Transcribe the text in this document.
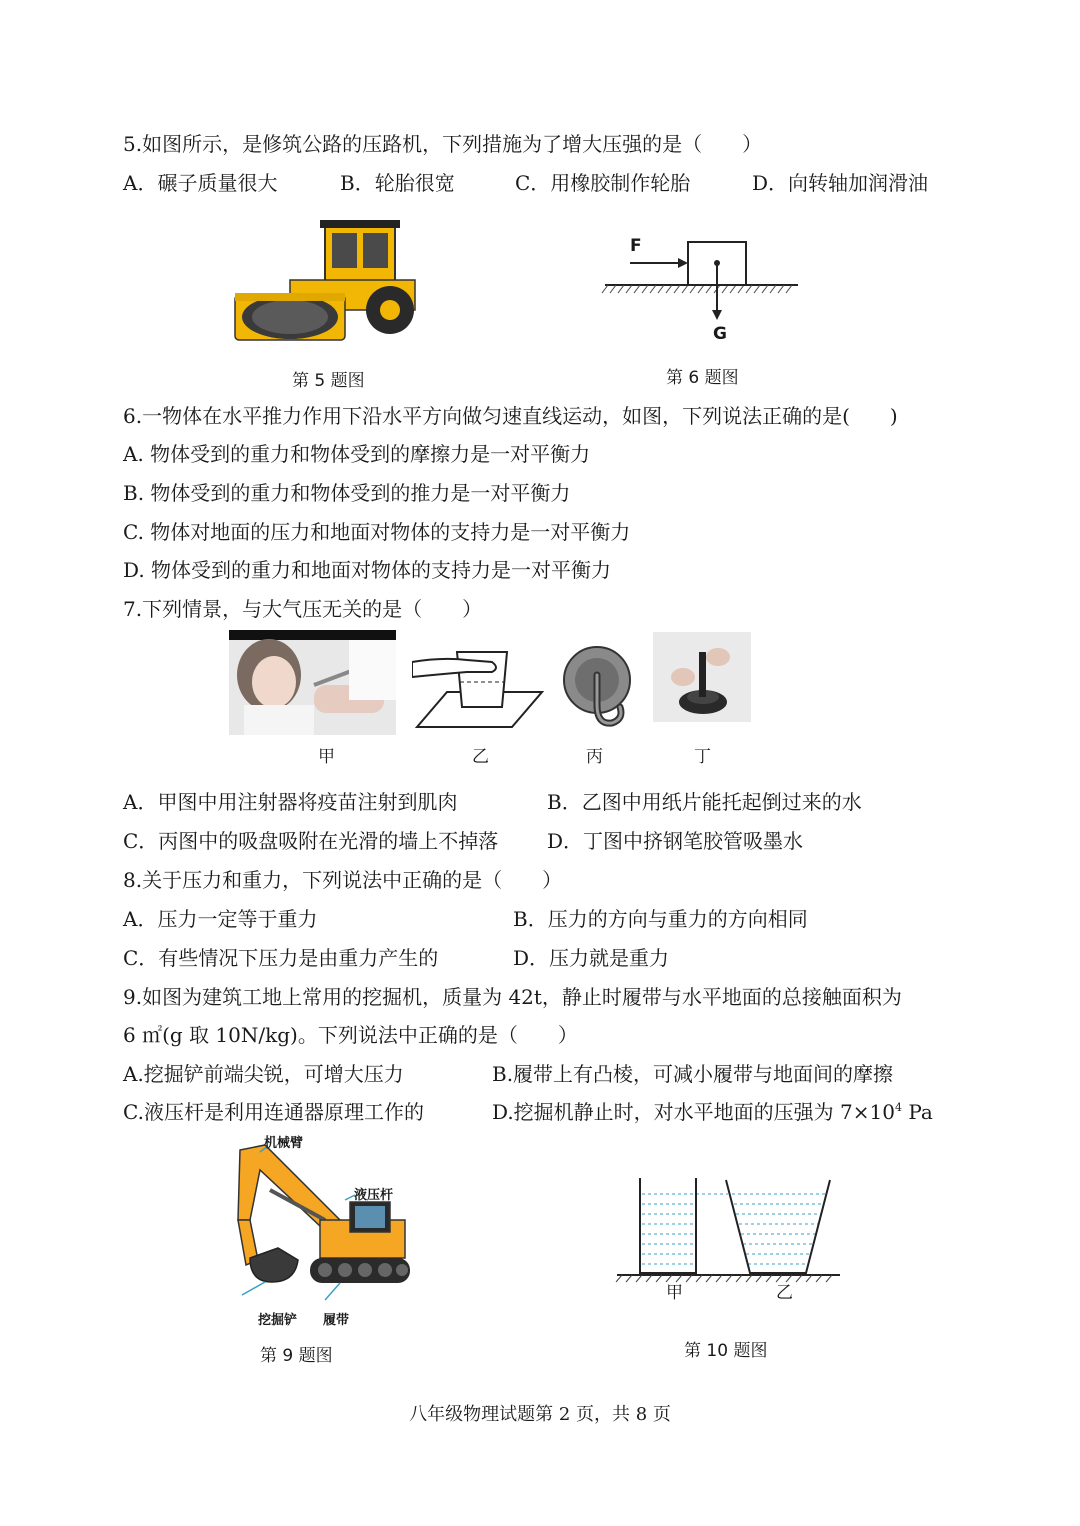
5.如图所示，是修筑公路的压路机，下列措施为了增大压强的是（　　）
A．碾子质量很大	B．轮胎很宽	C．用橡胶制作轮胎	D．向转轴加润滑油
第 5 题图
F
G
第 6 题图
6.一物体在水平推力作用下沿水平方向做匀速直线运动，如图，下列说法正确的是(　　)
A. 物体受到的重力和物体受到的摩擦力是一对平衡力
B. 物体受到的重力和物体受到的推力是一对平衡力
C. 物体对地面的压力和地面对物体的支持力是一对平衡力
D. 物体受到的重力和地面对物体的支持力是一对平衡力
7.下列情景，与大气压无关的是（　　）
甲	乙	丙	丁
A．甲图中用注射器将疫苗注射到肌肉	B．乙图中用纸片能托起倒过来的水
C．丙图中的吸盘吸附在光滑的墙上不掉落 D．丁图中挤钢笔胶管吸墨水
8.关于压力和重力，下列说法中正确的是（　　）
A．压力一定等于重力	B．压力的方向与重力的方向相同
C．有些情况下压力是由重力产生的	D．压力就是重力
9.如图为建筑工地上常用的挖掘机，质量为 42t，静止时履带与水平地面的总接触面积为
6 ㎡(g 取 10N/kg)。下列说法中正确的是（　　）
A.挖掘铲前端尖锐，可增大压力	B.履带上有凸棱，可减小履带与地面间的摩擦
C.液压杆是利用连通器原理工作的	D.挖掘机静止时，对水平地面的压强为 $7\times 10^4$ Pa
机械臂
液压杆
挖掘铲 履带
第 9 题图
甲	乙
第 10 题图
八年级物理试题第 2 页，共 8 页
